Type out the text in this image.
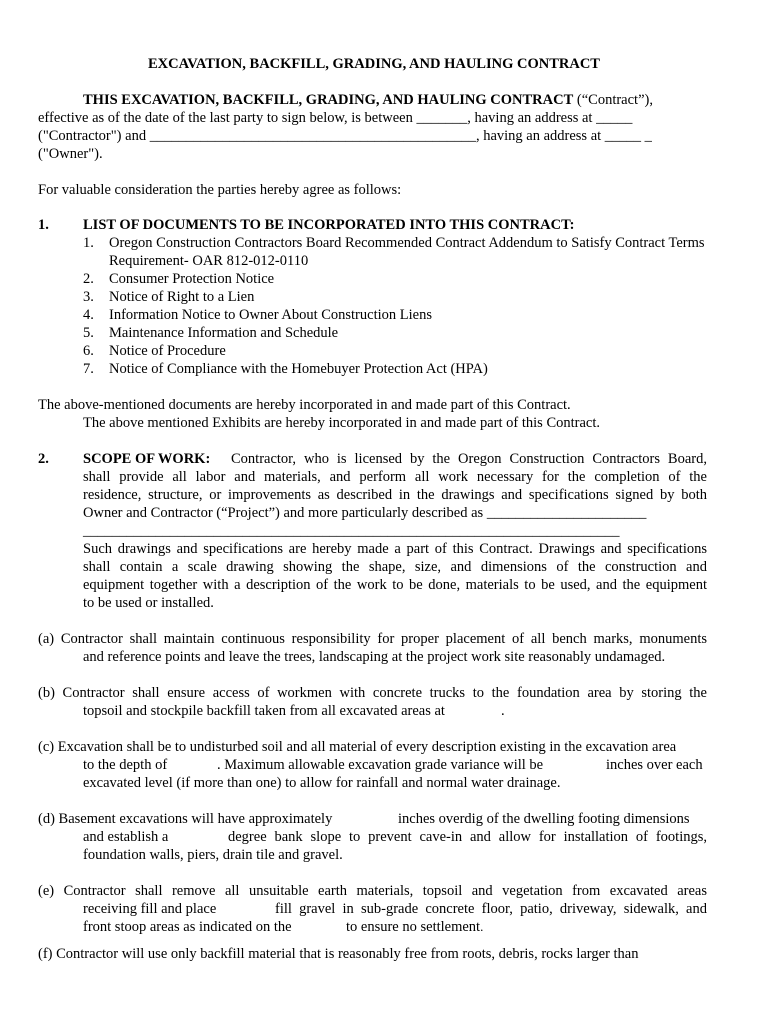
EXCAVATION, BACKFILL, GRADING, AND HAULING CONTRACT
THIS EXCAVATION, BACKFILL, GRADING, AND HAULING CONTRACT (“Contract”),
effective as of the date of the last party to sign below, is between _______, having an address at _____
("Contractor") and _____________________________________________, having an address at _____ _
("Owner").
For valuable consideration the parties hereby agree as follows:
1. LIST OF DOCUMENTS TO BE INCORPORATED INTO THIS CONTRACT:
1. Oregon Construction Contractors Board Recommended Contract Addendum to Satisfy Contract Terms
Requirement- OAR 812-012-0110
2. Consumer Protection Notice
3. Notice of Right to a Lien
4. Information Notice to Owner About Construction Liens
5. Maintenance Information and Schedule
6. Notice of Procedure
7. Notice of Compliance with the Homebuyer Protection Act (HPA)
The above-mentioned documents are hereby incorporated in and made part of this Contract.
The above mentioned Exhibits are hereby incorporated in and made part of this Contract.
2. SCOPE OF WORK: Contractor, who is licensed by the Oregon Construction Contractors Board,
shall provide all labor and materials, and perform all work necessary for the completion of the
residence, structure, or improvements as described in the drawings and specifications signed by both
Owner and Contractor (“Project”) and more particularly described as ______________________
__________________________________________________________________________
Such drawings and specifications are hereby made a part of this Contract. Drawings and specifications
shall contain a scale drawing showing the shape, size, and dimensions of the construction and
equipment together with a description of the work to be done, materials to be used, and the equipment
to be used or installed.
(a) Contractor shall maintain continuous responsibility for proper placement of all bench marks, monuments
and reference points and leave the trees, landscaping at the project work site reasonably undamaged.
(b) Contractor shall ensure access of workmen with concrete trucks to the foundation area by storing the
topsoil and stockpile backfill taken from all excavated areas at	.
(c) Excavation shall be to undisturbed soil and all material of every description existing in the excavation area
to the depth of	. Maximum allowable excavation grade variance will be	inches over each
excavated level (if more than one) to allow for rainfall and normal water drainage.
(d) Basement excavations will have approximately	inches overdig of the dwelling footing dimensions
and establish a	degree bank slope to prevent cave-in and allow for installation of footings,
foundation walls, piers, drain tile and gravel.
(e) Contractor shall remove all unsuitable earth materials, topsoil and vegetation from excavated areas
receiving fill and place	fill gravel in sub-grade concrete floor, patio, driveway, sidewalk, and
front stoop areas as indicated on the	to ensure no settlement.
(f) Contractor will use only backfill material that is reasonably free from roots, debris, rocks larger than
